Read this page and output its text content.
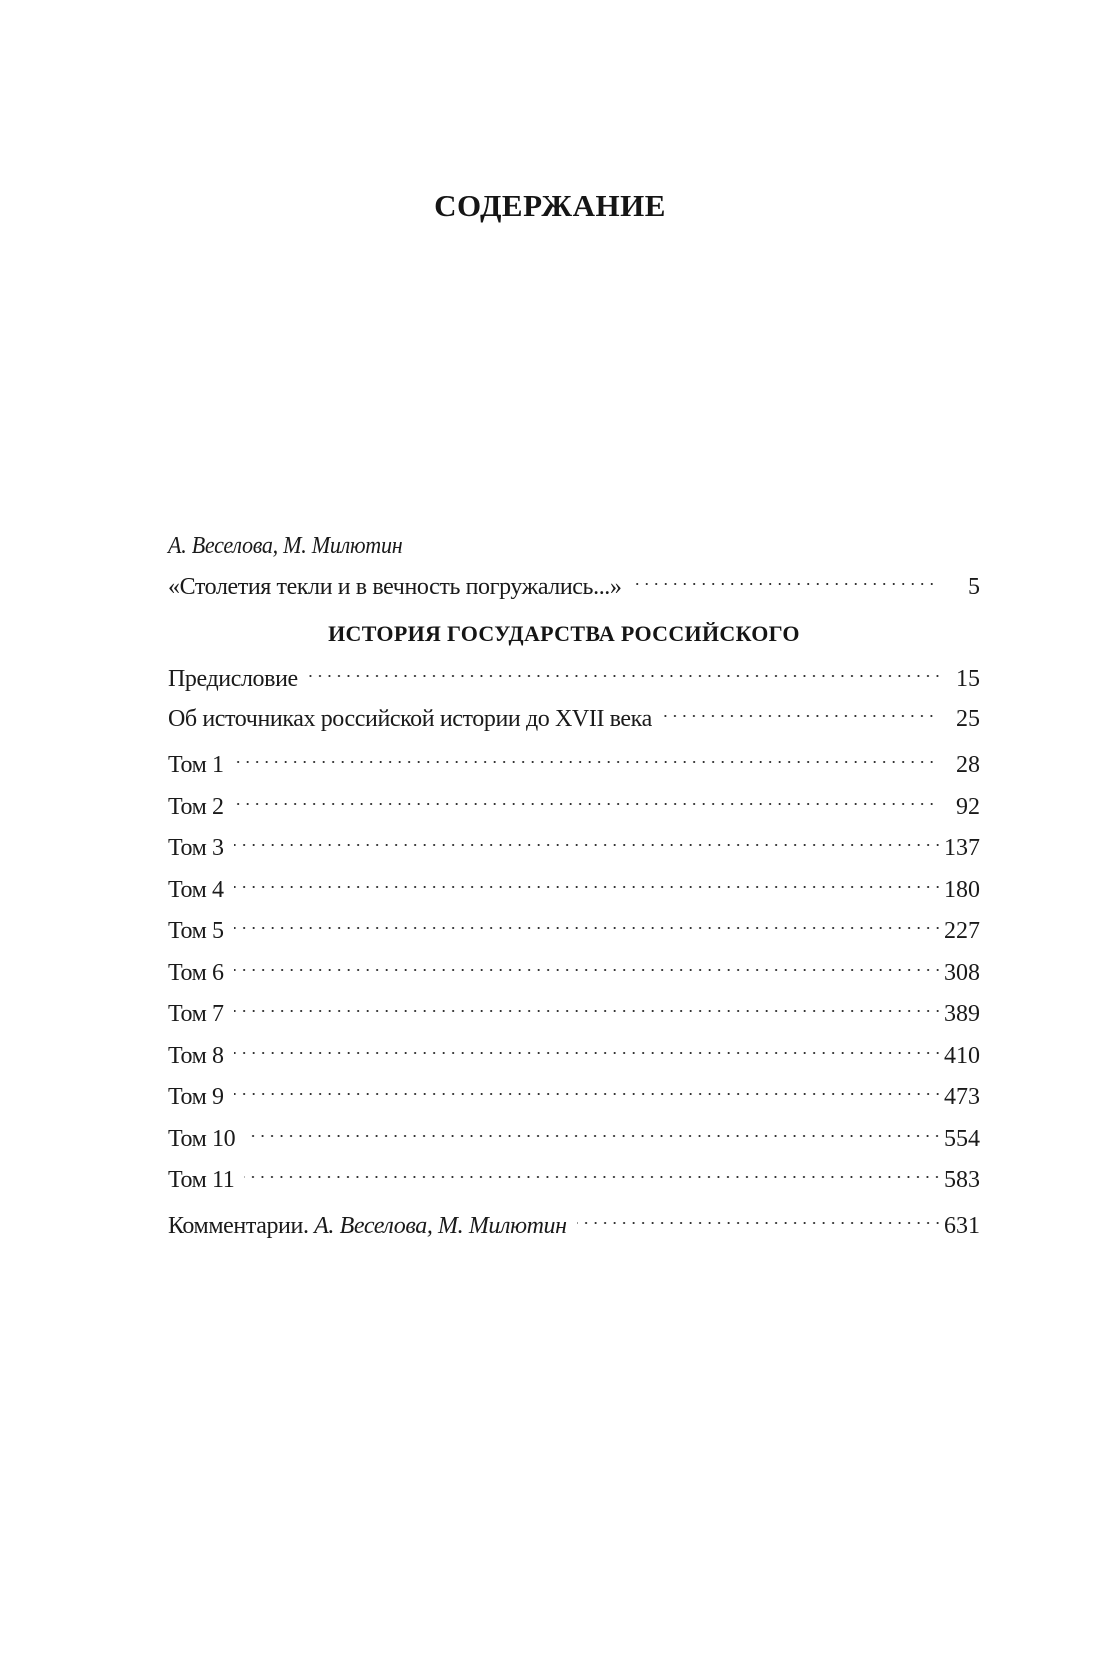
СОДЕРЖАНИЕ
А. Веселова, М. Милютин
«Столетия текли и в вечность погружались...»	5
ИСТОРИЯ ГОСУДАРСТВА РОССИЙСКОГО
Предисловие	15
Об источниках российской истории до XVII века	25
Том 1	28
Том 2	92
Том 3	137
Том 4	180
Том 5	227
Том 6	308
Том 7	389
Том 8	410
Том 9	473
Том 10	554
Том 11	583
Комментарии. А. Веселова, М. Милютин	631
